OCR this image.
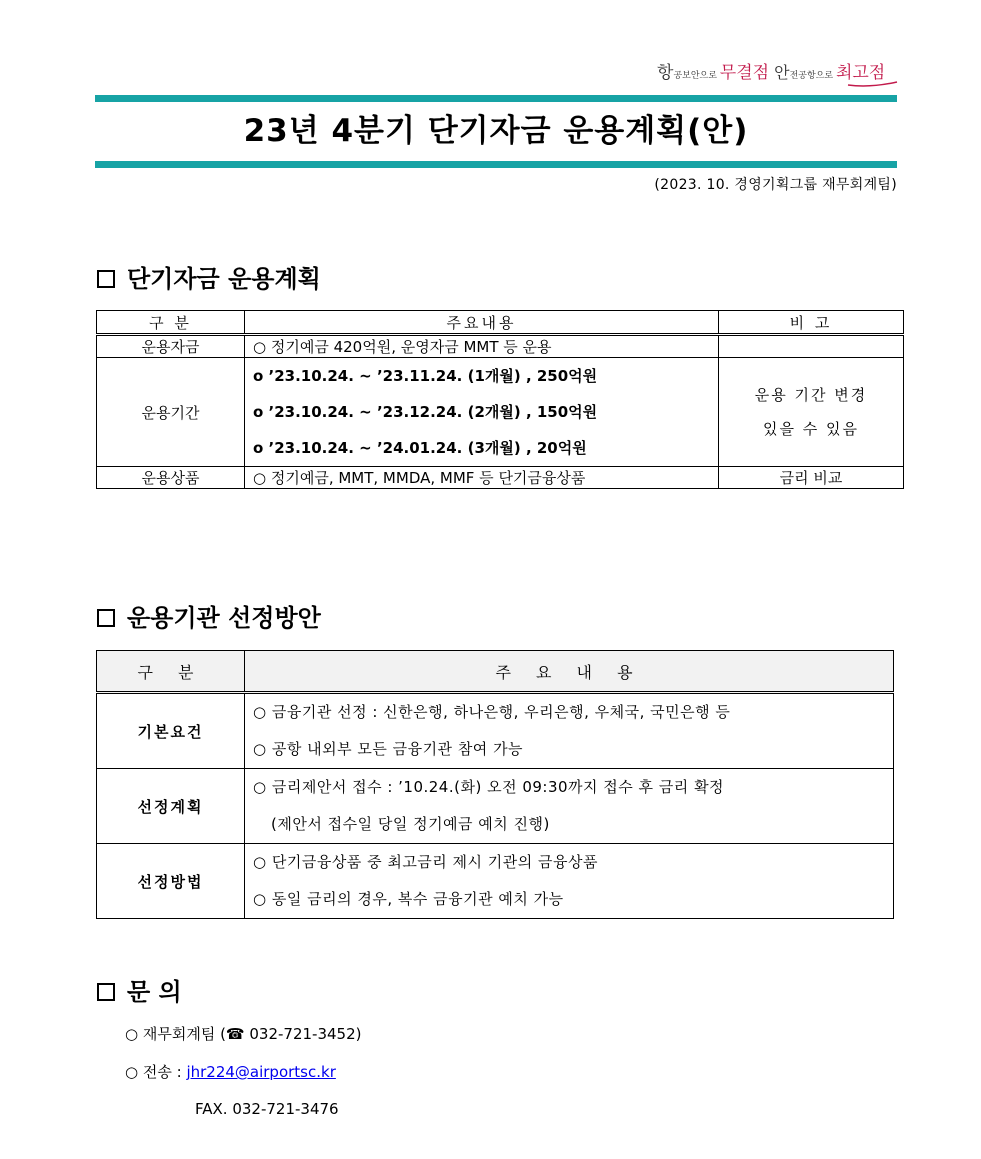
항공보안으로 무결점 안전공항으로 최고점
23년 4분기 단기자금 운용계획(안)
(2023. 10. 경영기획그룹 재무회계팀)
단기자금 운용계획
구 분	주요내용	비 고
운용자금	○ 정기예금 420억원, 운영자금 MMT 등 운용	
운용기간	o ’23.10.24. ~ ’23.11.24. (1개월) , 250억원
o ’23.10.24. ~ ’23.12.24. (2개월) , 150억원
o ’23.10.24. ~ ’24.01.24. (3개월) , 20억원	운용 기간 변경
있을 수 있음

운용상품	○ 정기예금, MMT, MMDA, MMF 등 단기금융상품	금리 비교
운용기관 선정방안
구 분	주 요 내 용
기본요건	○ 금융기관 선정 : 신한은행, 하나은행, 우리은행, 우체국, 국민은행 등
○ 공항 내외부 모든 금융기관 참여 가능

선정계획	○ 금리제안서 접수 : ’10.24.(화) 오전 09:30까지 접수 후 금리 확정
(제안서 접수일 당일 정기예금 예치 진행)

선정방법	○ 단기금융상품 중 최고금리 제시 기관의 금융상품
○ 동일 금리의 경우, 복수 금융기관 예치 가능
문 의
○ 재무회계팀 (☎ 032-721-3452)
○ 전송 : jhr224@airportsc.kr
FAX. 032-721-3476
